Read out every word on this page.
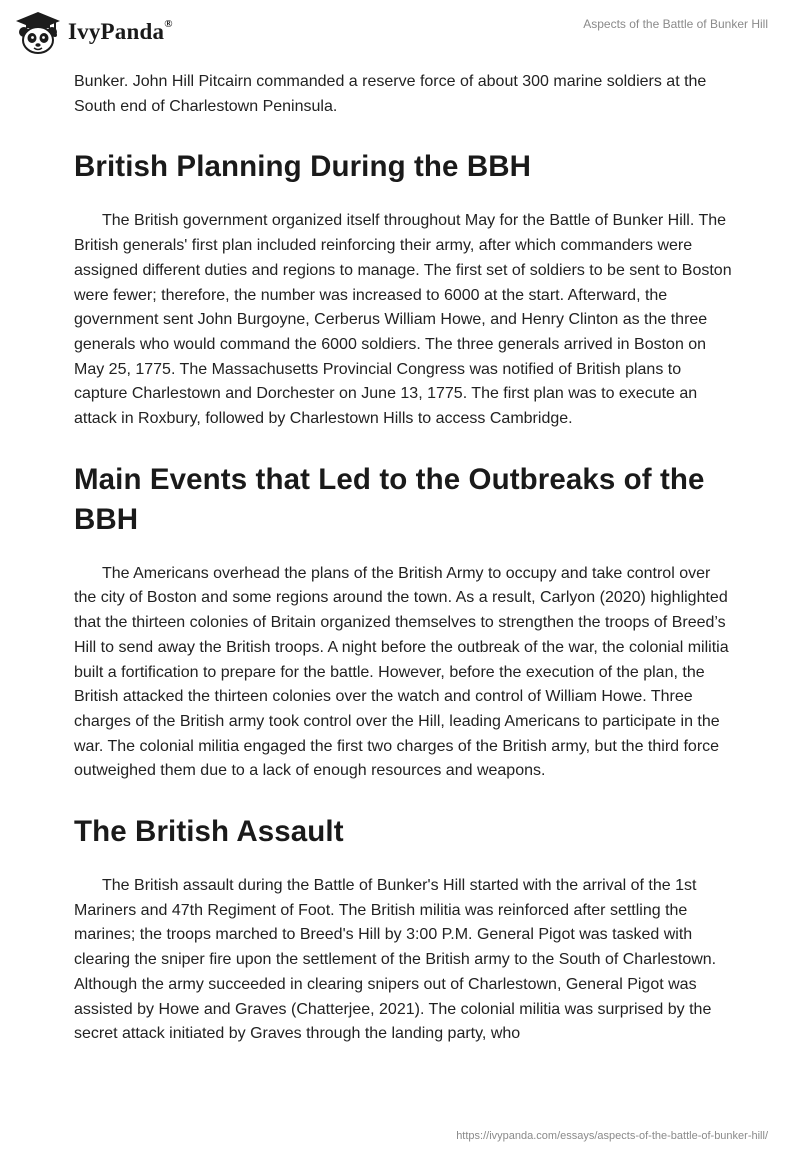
IvyPanda®	Aspects of the Battle of Bunker Hill

Bunker. John Hill Pitcairn commanded a reserve force of about 300 marine soldiers at the South end of Charlestown Peninsula.

British Planning During the BBH

The British government organized itself throughout May for the Battle of Bunker Hill. The British generals' first plan included reinforcing their army, after which commanders were assigned different duties and regions to manage. The first set of soldiers to be sent to Boston were fewer; therefore, the number was increased to 6000 at the start. Afterward, the government sent John Burgoyne, Cerberus William Howe, and Henry Clinton as the three generals who would command the 6000 soldiers. The three generals arrived in Boston on May 25, 1775. The Massachusetts Provincial Congress was notified of British plans to capture Charlestown and Dorchester on June 13, 1775. The first plan was to execute an attack in Roxbury, followed by Charlestown Hills to access Cambridge.

Main Events that Led to the Outbreaks of the BBH

The Americans overhead the plans of the British Army to occupy and take control over the city of Boston and some regions around the town. As a result, Carlyon (2020) highlighted that the thirteen colonies of Britain organized themselves to strengthen the troops of Breed’s Hill to send away the British troops. A night before the outbreak of the war, the colonial militia built a fortification to prepare for the battle. However, before the execution of the plan, the British attacked the thirteen colonies over the watch and control of William Howe. Three charges of the British army took control over the Hill, leading Americans to participate in the war. The colonial militia engaged the first two charges of the British army, but the third force outweighed them due to a lack of enough resources and weapons.

The British Assault

The British assault during the Battle of Bunker's Hill started with the arrival of the 1st Mariners and 47th Regiment of Foot. The British militia was reinforced after settling the marines; the troops marched to Breed's Hill by 3:00 P.M. General Pigot was tasked with clearing the sniper fire upon the settlement of the British army to the South of Charlestown. Although the army succeeded in clearing snipers out of Charlestown, General Pigot was assisted by Howe and Graves (Chatterjee, 2021). The colonial militia was surprised by the secret attack initiated by Graves through the landing party, who

https://ivypanda.com/essays/aspects-of-the-battle-of-bunker-hill/
